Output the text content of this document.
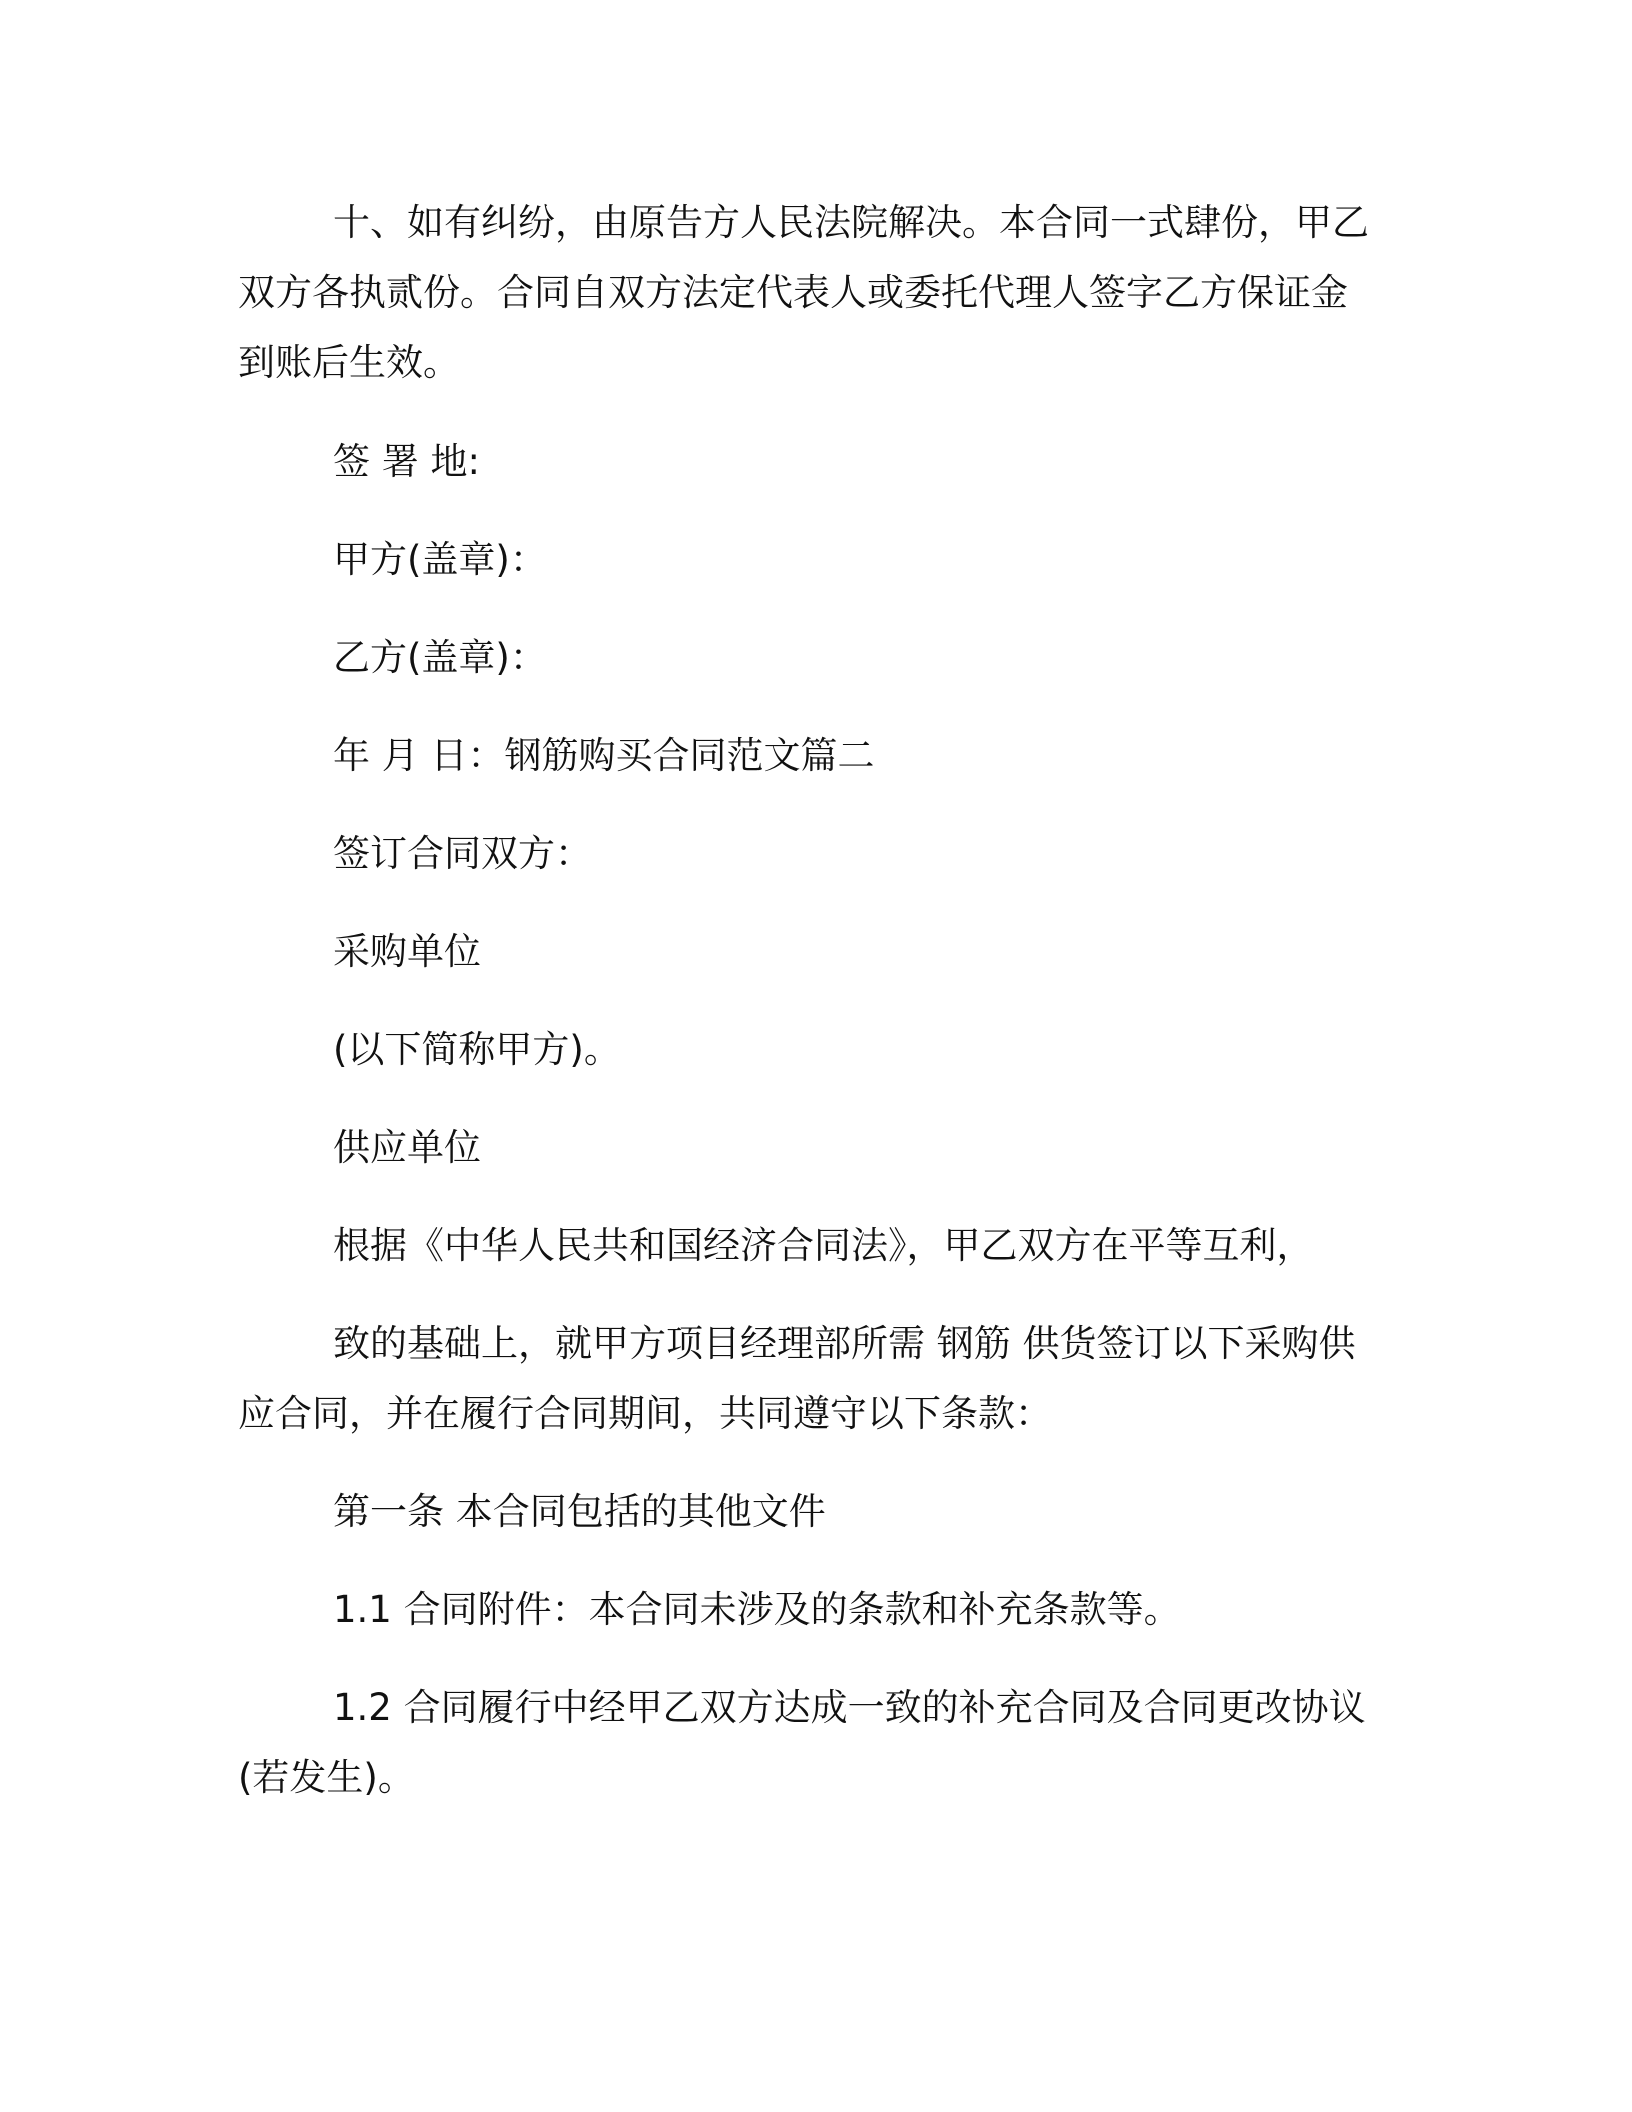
十、如有纠纷，由原告方人民法院解决。本合同一式肆份，甲乙
双方各执贰份。合同自双方法定代表人或委托代理人签字乙方保证金
到账后生效。
签 署 地:
甲方(盖章)：
乙方(盖章)：
年 月 日：钢筋购买合同范文篇二
签订合同双方：
采购单位
(以下简称甲方)。
供应单位
根据《中华人民共和国经济合同法》，甲乙双方在平等互利，
致的基础上，就甲方项目经理部所需 钢筋 供货签订以下采购供
应合同，并在履行合同期间，共同遵守以下条款：
第一条 本合同包括的其他文件
1.1 合同附件：本合同未涉及的条款和补充条款等。
1.2 合同履行中经甲乙双方达成一致的补充合同及合同更改协议
(若发生)。
